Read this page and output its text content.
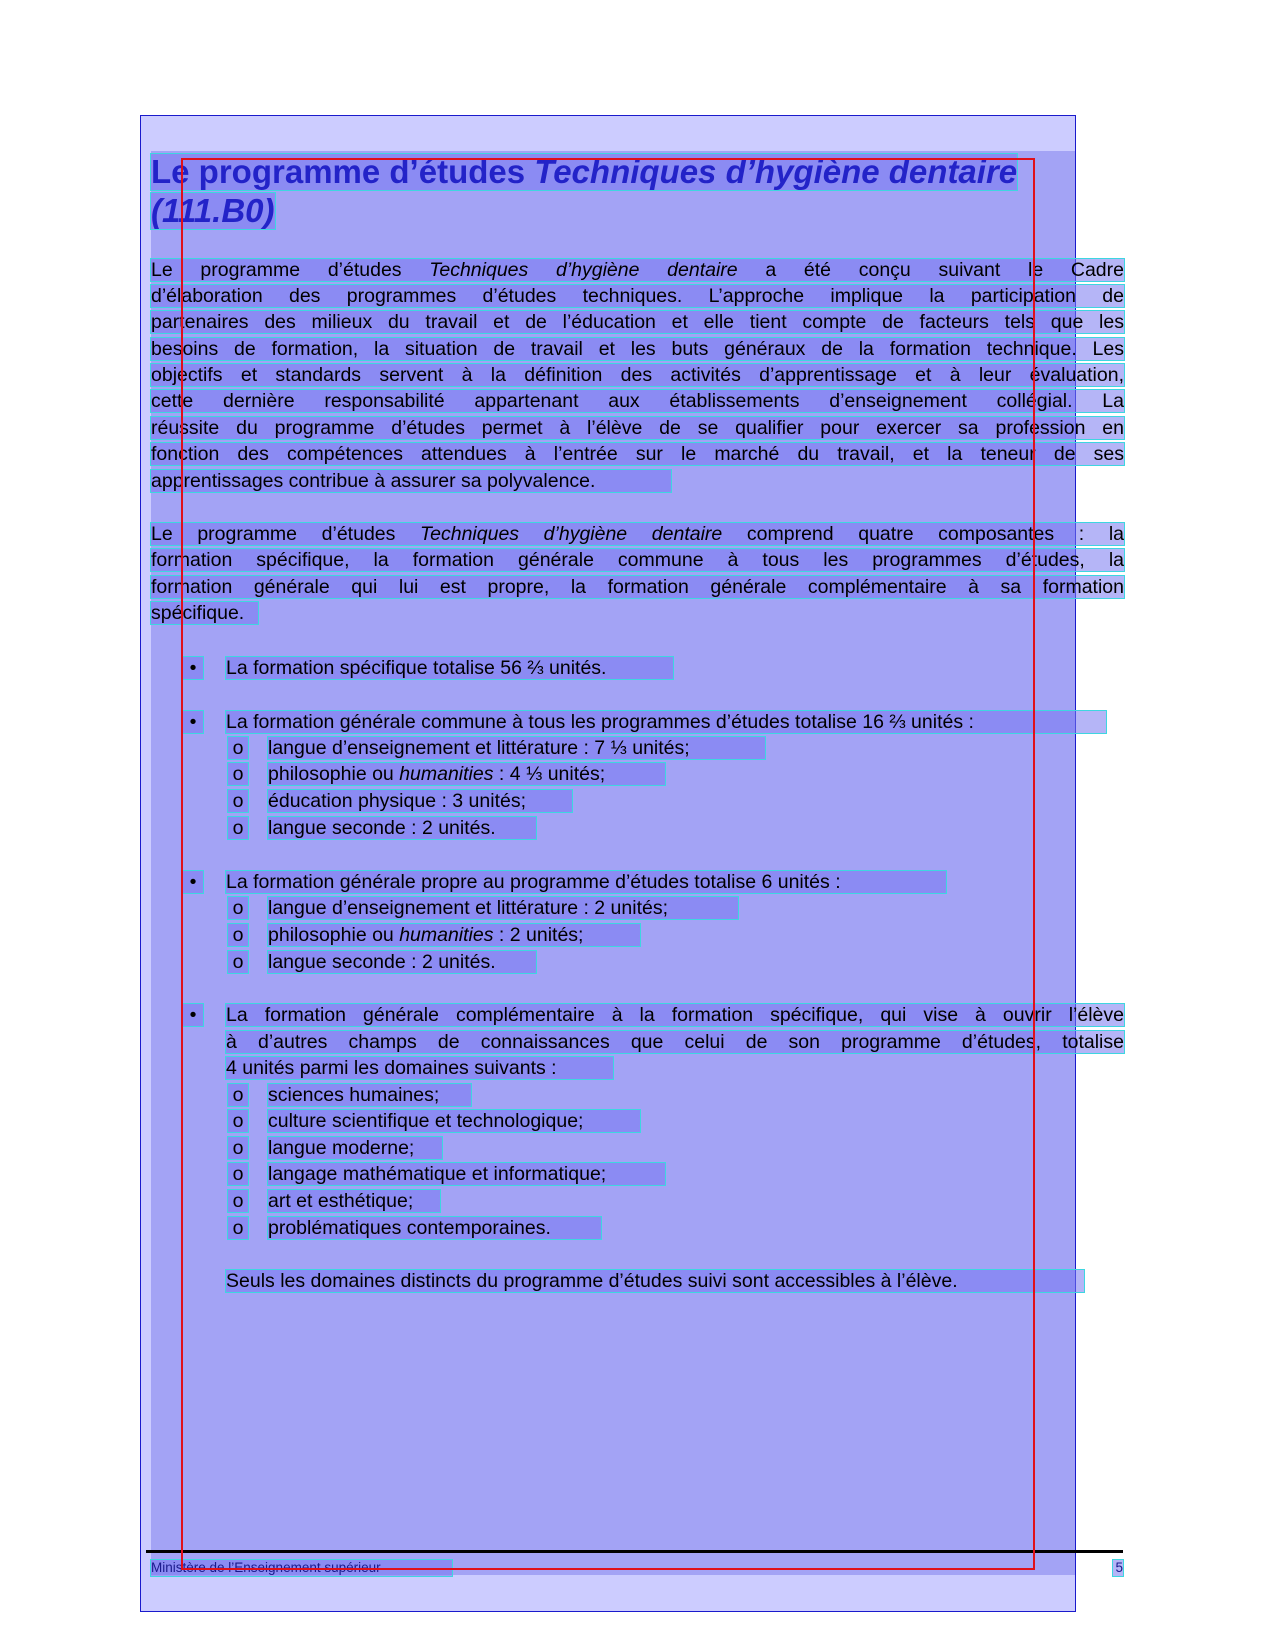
Le programme d’études Techniques d’hygiène dentaire
(111.B0)
Le programme d’études Techniques d’hygiène dentaire a été conçu suivant le Cadre
d’élaboration des programmes d’études techniques. L’approche implique la participation de
partenaires des milieux du travail et de l’éducation et elle tient compte de facteurs tels que les
besoins de formation, la situation de travail et les buts généraux de la formation technique. Les
objectifs et standards servent à la définition des activités d’apprentissage et à leur évaluation,
cette dernière responsabilité appartenant aux établissements d’enseignement collégial. La
réussite du programme d’études permet à l’élève de se qualifier pour exercer sa profession en
fonction des compétences attendues à l’entrée sur le marché du travail, et la teneur de ses
apprentissages contribue à assurer sa polyvalence.
Le programme d’études Techniques d’hygiène dentaire comprend quatre composantes : la
formation spécifique, la formation générale commune à tous les programmes d’études, la
formation générale qui lui est propre, la formation générale complémentaire à sa formation
spécifique.
•	La formation spécifique totalise 56 ⅔ unités.
•	La formation générale commune à tous les programmes d’études totalise 16 ⅔ unités :
o langue d’enseignement et littérature : 7 ⅓ unités;
o philosophie ou humanities : 4 ⅓ unités;
o éducation physique : 3 unités;
o langue seconde : 2 unités.
•	La formation générale propre au programme d’études totalise 6 unités :
o langue d’enseignement et littérature : 2 unités;
o philosophie ou humanities : 2 unités;
o langue seconde : 2 unités.
•	La formation générale complémentaire à la formation spécifique, qui vise à ouvrir l’élève
à d’autres champs de connaissances que celui de son programme d’études, totalise
4 unités parmi les domaines suivants :
o sciences humaines;
o culture scientifique et technologique;
o langue moderne;
o langage mathématique et informatique;
o art et esthétique;
o problématiques contemporaines.
Seuls les domaines distincts du programme d’études suivi sont accessibles à l’élève.
Ministère de l’Enseignement supérieur	5
